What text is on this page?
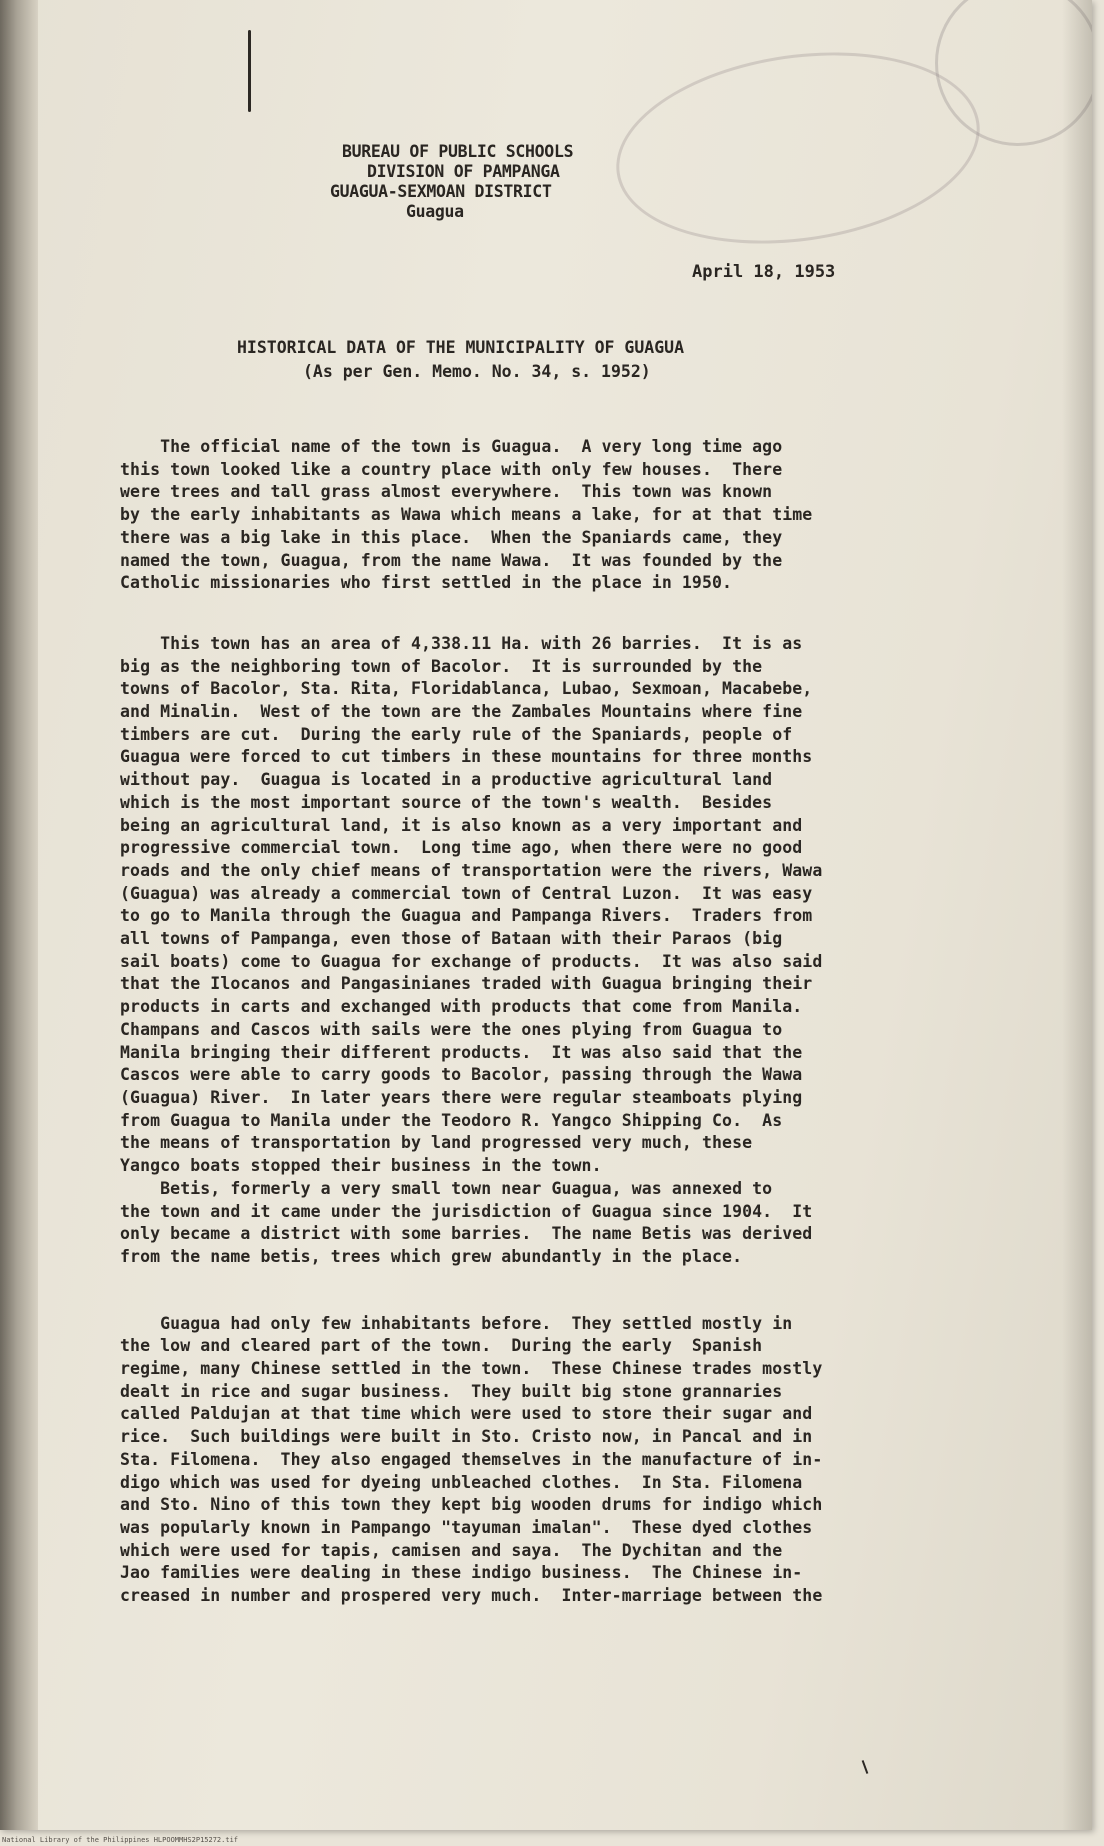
BUREAU OF PUBLIC SCHOOLS
DIVISION OF PAMPANGA
GUAGUA-SEXMOAN DISTRICT
Guagua
April 18, 1953
HISTORICAL DATA OF THE MUNICIPALITY OF GUAGUA
(As per Gen. Memo. No. 34, s. 1952)

The official name of the town is Guagua.  A very long time ago
this town looked like a country place with only few houses.  There
were trees and tall grass almost everywhere.  This town was known
by the early inhabitants as Wawa which means a lake, for at that time
there was a big lake in this place.  When the Spaniards came, they
named the town, Guagua, from the name Wawa.  It was founded by the
Catholic missionaries who first settled in the place in 1950.

This town has an area of 4,338.11 Ha. with 26 barries.  It is as
big as the neighboring town of Bacolor.  It is surrounded by the
towns of Bacolor, Sta. Rita, Floridablanca, Lubao, Sexmoan, Macabebe,
and Minalin.  West of the town are the Zambales Mountains where fine
timbers are cut.  During the early rule of the Spaniards, people of
Guagua were forced to cut timbers in these mountains for three months
without pay.  Guagua is located in a productive agricultural land
which is the most important source of the town's wealth.  Besides
being an agricultural land, it is also known as a very important and
progressive commercial town.  Long time ago, when there were no good
roads and the only chief means of transportation were the rivers, Wawa
(Guagua) was already a commercial town of Central Luzon.  It was easy
to go to Manila through the Guagua and Pampanga Rivers.  Traders from
all towns of Pampanga, even those of Bataan with their Paraos (big
sail boats) come to Guagua for exchange of products.  It was also said
that the Ilocanos and Pangasinianes traded with Guagua bringing their
products in carts and exchanged with products that come from Manila.
Champans and Cascos with sails were the ones plying from Guagua to
Manila bringing their different products.  It was also said that the
Cascos were able to carry goods to Bacolor, passing through the Wawa
(Guagua) River.  In later years there were regular steamboats plying
from Guagua to Manila under the Teodoro R. Yangco Shipping Co.  As
the means of transportation by land progressed very much, these
Yangco boats stopped their business in the town.

Betis, formerly a very small town near Guagua, was annexed to
the town and it came under the jurisdiction of Guagua since 1904.  It
only became a district with some barries.  The name Betis was derived
from the name betis, trees which grew abundantly in the place.

Guagua had only few inhabitants before.  They settled mostly in
the low and cleared part of the town.  During the early  Spanish
regime, many Chinese settled in the town.  These Chinese trades mostly
dealt in rice and sugar business.  They built big stone grannaries
called Paldujan at that time which were used to store their sugar and
rice.  Such buildings were built in Sto. Cristo now, in Pancal and in
Sta. Filomena.  They also engaged themselves in the manufacture of in-
digo which was used for dyeing unbleached clothes.  In Sta. Filomena
and Sto. Nino of this town they kept big wooden drums for indigo which
was popularly known in Pampango "tayuman imalan".  These dyed clothes
which were used for tapis, camisen and saya.  The Dychitan and the
Jao families were dealing in these indigo business.  The Chinese in-
creased in number and prospered very much.  Inter-marriage between the

National Library of the Philippines HLPOOMMHS2P15272.tif
